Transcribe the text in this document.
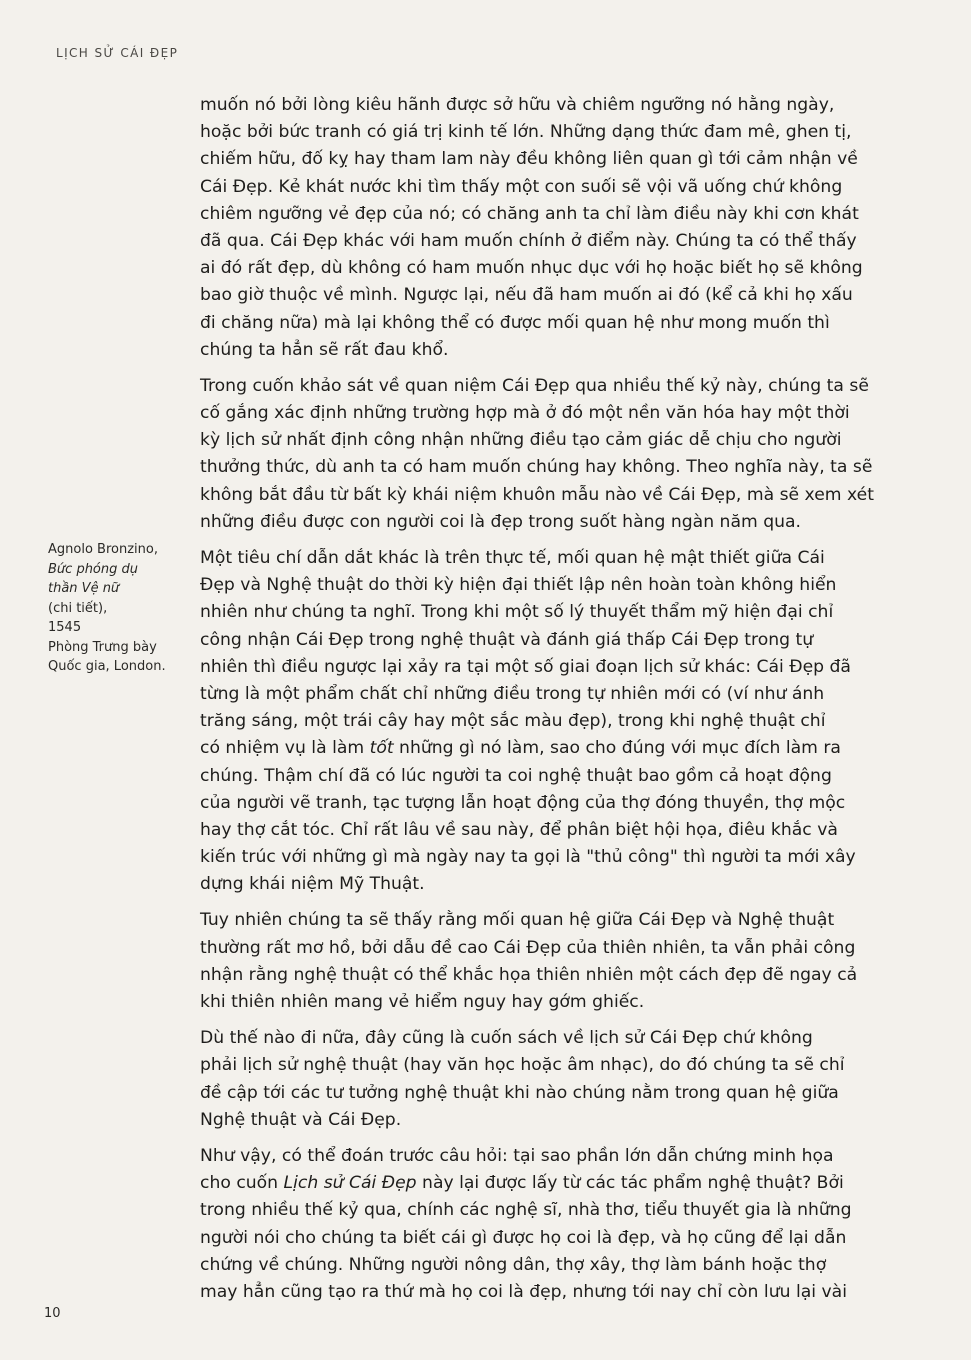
LỊCH SỬ CÁI ĐẸP
Agnolo Bronzino,
Bức phóng dụ
thần Vệ nữ
(chi tiết),
1545
Phòng Trưng bày
Quốc gia, London.
muốn nó bởi lòng kiêu hãnh được sở hữu và chiêm ngưỡng nó hằng ngày,
hoặc bởi bức tranh có giá trị kinh tế lớn. Những dạng thức đam mê, ghen tị,
chiếm hữu, đố kỵ hay tham lam này đều không liên quan gì tới cảm nhận về
Cái Đẹp. Kẻ khát nước khi tìm thấy một con suối sẽ vội vã uống chứ không
chiêm ngưỡng vẻ đẹp của nó; có chăng anh ta chỉ làm điều này khi cơn khát
đã qua. Cái Đẹp khác với ham muốn chính ở điểm này. Chúng ta có thể thấy
ai đó rất đẹp, dù không có ham muốn nhục dục với họ hoặc biết họ sẽ không
bao giờ thuộc về mình. Ngược lại, nếu đã ham muốn ai đó (kể cả khi họ xấu
đi chăng nữa) mà lại không thể có được mối quan hệ như mong muốn thì
chúng ta hẳn sẽ rất đau khổ.
Trong cuốn khảo sát về quan niệm Cái Đẹp qua nhiều thế kỷ này, chúng ta sẽ
cố gắng xác định những trường hợp mà ở đó một nền văn hóa hay một thời
kỳ lịch sử nhất định công nhận những điều tạo cảm giác dễ chịu cho người
thưởng thức, dù anh ta có ham muốn chúng hay không. Theo nghĩa này, ta sẽ
không bắt đầu từ bất kỳ khái niệm khuôn mẫu nào về Cái Đẹp, mà sẽ xem xét
những điều được con người coi là đẹp trong suốt hàng ngàn năm qua.
Một tiêu chí dẫn dắt khác là trên thực tế, mối quan hệ mật thiết giữa Cái
Đẹp và Nghệ thuật do thời kỳ hiện đại thiết lập nên hoàn toàn không hiển
nhiên như chúng ta nghĩ. Trong khi một số lý thuyết thẩm mỹ hiện đại chỉ
công nhận Cái Đẹp trong nghệ thuật và đánh giá thấp Cái Đẹp trong tự
nhiên thì điều ngược lại xảy ra tại một số giai đoạn lịch sử khác: Cái Đẹp đã
từng là một phẩm chất chỉ những điều trong tự nhiên mới có (ví như ánh
trăng sáng, một trái cây hay một sắc màu đẹp), trong khi nghệ thuật chỉ
có nhiệm vụ là làm tốt những gì nó làm, sao cho đúng với mục đích làm ra
chúng. Thậm chí đã có lúc người ta coi nghệ thuật bao gồm cả hoạt động
của người vẽ tranh, tạc tượng lẫn hoạt động của thợ đóng thuyền, thợ mộc
hay thợ cắt tóc. Chỉ rất lâu về sau này, để phân biệt hội họa, điêu khắc và
kiến trúc với những gì mà ngày nay ta gọi là "thủ công" thì người ta mới xây
dựng khái niệm Mỹ Thuật.
Tuy nhiên chúng ta sẽ thấy rằng mối quan hệ giữa Cái Đẹp và Nghệ thuật
thường rất mơ hồ, bởi dẫu đề cao Cái Đẹp của thiên nhiên, ta vẫn phải công
nhận rằng nghệ thuật có thể khắc họa thiên nhiên một cách đẹp đẽ ngay cả
khi thiên nhiên mang vẻ hiểm nguy hay gớm ghiếc.
Dù thế nào đi nữa, đây cũng là cuốn sách về lịch sử Cái Đẹp chứ không
phải lịch sử nghệ thuật (hay văn học hoặc âm nhạc), do đó chúng ta sẽ chỉ
đề cập tới các tư tưởng nghệ thuật khi nào chúng nằm trong quan hệ giữa
Nghệ thuật và Cái Đẹp.
Như vậy, có thể đoán trước câu hỏi: tại sao phần lớn dẫn chứng minh họa
cho cuốn Lịch sử Cái Đẹp này lại được lấy từ các tác phẩm nghệ thuật? Bởi
trong nhiều thế kỷ qua, chính các nghệ sĩ, nhà thơ, tiểu thuyết gia là những
người nói cho chúng ta biết cái gì được họ coi là đẹp, và họ cũng để lại dẫn
chứng về chúng. Những người nông dân, thợ xây, thợ làm bánh hoặc thợ
may hẳn cũng tạo ra thứ mà họ coi là đẹp, nhưng tới nay chỉ còn lưu lại vài
10
